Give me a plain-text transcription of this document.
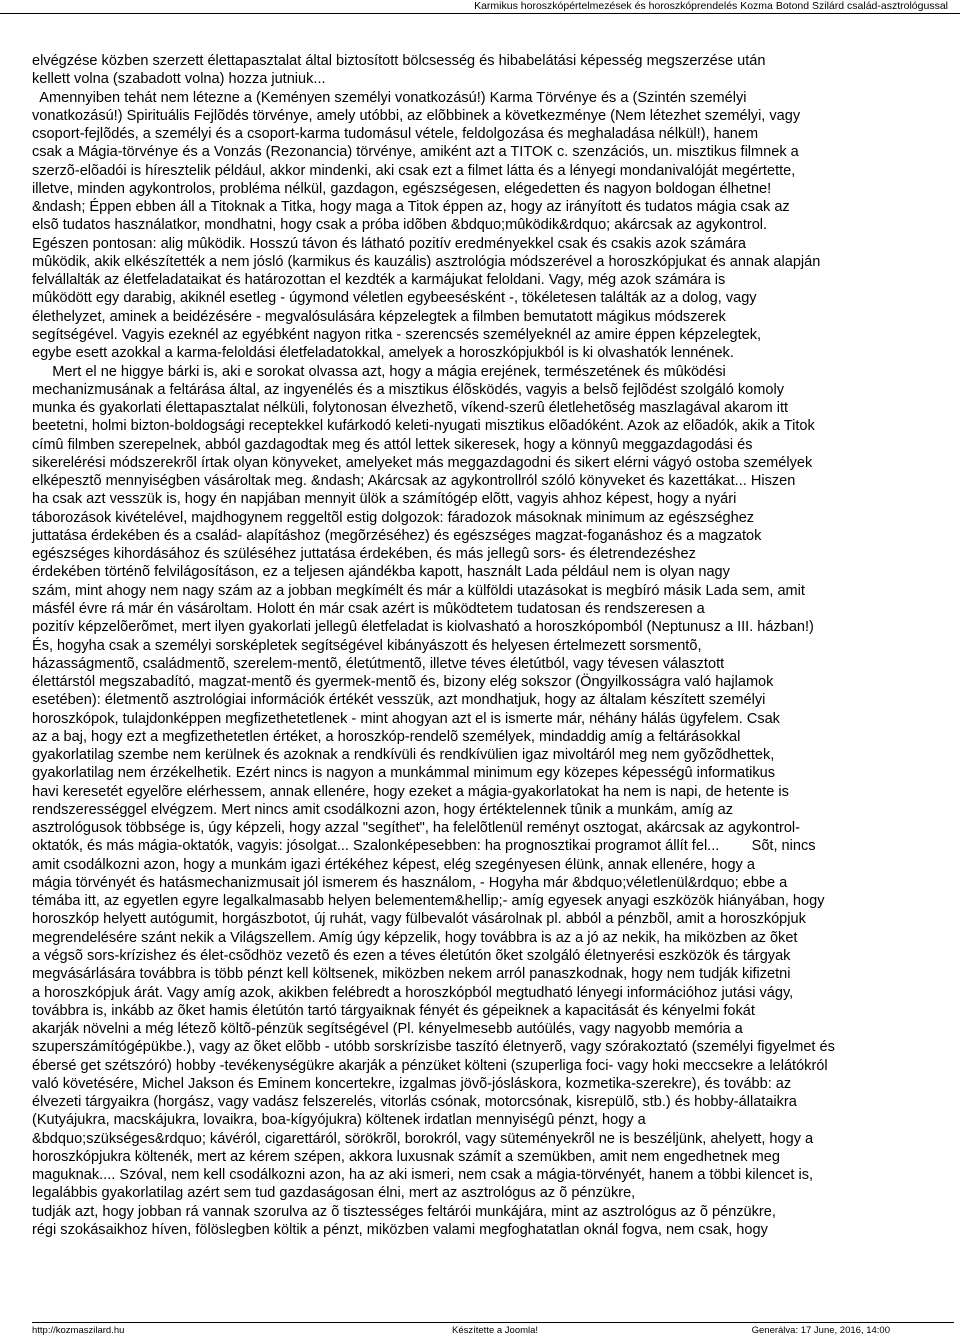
Karmikus horoszkópértelmezések és horoszkóprendelés Kozma Botond Szilárd család-asztrológussal
elvégzése közben szerzett élettapasztalat által biztosított bölcsesség és hibabelátási képesség megszerzése után
kellett volna (szabadott volna) hozza jutniuk...
Amennyiben tehát nem létezne a (Keményen személyi vonatkozású!) Karma Törvénye és a (Szintén személyi
vonatkozású!) Spirituális Fejlõdés törvénye, amely utóbbi, az elõbbinek a következménye (Nem létezhet személyi, vagy
csoport-fejlõdés, a személyi és a csoport-karma tudomásul vétele, feldolgozása és meghaladása nélkül!), hanem
csak a Mágia-törvénye és a Vonzás (Rezonancia) törvénye, amiként azt a TITOK c. szenzációs, un. misztikus filmnek a
szerzõ-elõadói is híresztelik például, akkor mindenki, aki csak ezt a filmet látta és a lényegi mondanivalóját megértette,
illetve, minden agykontrolos, probléma nélkül, gazdagon, egészségesen, elégedetten és nagyon boldogan élhetne!
&ndash; Éppen ebben áll a Titoknak a Titka, hogy maga a Titok éppen az, hogy az irányított és tudatos mágia csak az
elsõ tudatos használatkor, mondhatni, hogy csak a próba idõben &bdquo;mûködik&rdquo; akárcsak az agykontrol.
Egészen pontosan: alig mûködik. Hosszú távon és látható pozitív eredményekkel csak és csakis azok számára
mûködik, akik elkészítették a nem jósló (karmikus és kauzális) asztrológia módszerével a horoszkópjukat és annak alapján
felvállalták az életfeladataikat és határozottan el kezdték a karmájukat feloldani. Vagy, még azok számára is
mûködött egy darabig, akiknél esetleg - úgymond véletlen egybeesésként -, tökéletesen találták az a dolog, vagy
élethelyzet, aminek a beidézésére - megvalósulására képzelegtek a filmben bemutatott mágikus módszerek
segítségével. Vagyis ezeknél az egyébként nagyon ritka - szerencsés személyeknél az amire éppen képzelegtek,
egybe esett azokkal a karma-feloldási életfeladatokkal, amelyek a horoszkópjukból is ki olvashatók lennének.
Mert el ne higgye bárki is, aki e sorokat olvassa azt, hogy a mágia erejének, természetének és mûködési
mechanizmusának a feltárása által, az ingyenélés és a misztikus élõsködés, vagyis a belsõ fejlõdést szolgáló komoly
munka és gyakorlati élettapasztalat nélküli, folytonosan élvezhetõ, víkend-szerû életlehetõség maszlagával akarom itt
beetetni, holmi bizton-boldogsági receptekkel kufárkodó keleti-nyugati misztikus elõadóként. Azok az elõadók, akik a Titok
címû filmben szerepelnek, abból gazdagodtak meg és attól lettek sikeresek, hogy a könnyû meggazdagodási és
sikerelérési módszerekrõl írtak olyan könyveket, amelyeket más meggazdagodni és sikert elérni vágyó ostoba személyek
elképesztõ mennyiségben vásároltak meg. &ndash; Akárcsak az agykontrollról szóló könyveket és kazettákat... Hiszen
ha csak azt vesszük is, hogy én napjában mennyit ülök a számítógép elõtt, vagyis ahhoz képest, hogy a nyári
táborozások kivételével, majdhogynem reggeltõl estig dolgozok: fáradozok másoknak minimum az egészséghez
juttatása érdekében és a család- alapításhoz (megõrzéséhez) és egészséges magzat-foganáshoz és a magzatok
egészséges kihordásához és szüléséhez juttatása érdekében, és más jellegû sors- és életrendezéshez
érdekében történõ felvilágosításon, ez a teljesen ajándékba kapott, használt Lada például nem is olyan nagy
szám, mint ahogy nem nagy szám az a jobban megkímélt és már a külföldi utazásokat is megbíró másik Lada sem, amit
másfél évre rá már én vásároltam. Holott én már csak azért is mûködtetem tudatosan és rendszeresen a
pozitív képzelõerõmet, mert ilyen gyakorlati jellegû életfeladat is kiolvasható a horoszkópomból (Neptunusz a III. házban!)
És, hogyha csak a személyi sorsképletek segítségével kibányászott és helyesen értelmezett sorsmentõ,
házasságmentõ, családmentõ, szerelem-mentõ, életútmentõ, illetve téves életútból, vagy tévesen választott
élettárstól megszabadító, magzat-mentõ és gyermek-mentõ és, bizony elég sokszor (Öngyilkosságra való hajlamok
esetében): életmentõ asztrológiai információk értékét vesszük, azt mondhatjuk, hogy az általam készített személyi
horoszkópok, tulajdonképpen megfizethetetlenek - mint ahogyan azt el is ismerte már, néhány hálás ügyfelem. Csak
az a baj, hogy ezt a megfizethetetlen értéket, a horoszkóp-rendelõ személyek, mindaddig amíg a feltárásokkal
gyakorlatilag szembe nem kerülnek és azoknak a rendkívüli és rendkívülien igaz mivoltáról meg nem gyõzõdhettek,
gyakorlatilag nem érzékelhetik. Ezért nincs is nagyon a munkámmal minimum egy közepes képességû informatikus
havi keresetét egyelõre elérhessem, annak ellenére, hogy ezeket a mágia-gyakorlatokat ha nem is napi, de hetente is
rendszerességgel elvégzem. Mert nincs amit csodálkozni azon, hogy értéktelennek tûnik a munkám, amíg az
asztrológusok többsége is, úgy képzeli, hogy azzal "segíthet", ha felelõtlenül reményt osztogat, akárcsak az agykontrol-
oktatók, és más mágia-oktatók, vagyis: jósolgat... Szalonképesebben: ha prognosztikai programot állít fel...        Sõt, nincs
amit csodálkozni azon, hogy a munkám igazi értékéhez képest, elég szegényesen élünk, annak ellenére, hogy a
mágia törvényét és hatásmechanizmusait jól ismerem és használom, - Hogyha már &bdquo;véletlenül&rdquo; ebbe a
témába itt, az egyetlen egyre legalkalmasabb helyen belementem&hellip;- amíg egyesek anyagi eszközök hiányában, hogy
horoszkóp helyett autógumit, horgászbotot, új ruhát, vagy fülbevalót vásárolnak pl. abból a pénzbõl, amit a horoszkópjuk
megrendelésére szánt nekik a Világszellem. Amíg úgy képzelik, hogy továbbra is az a jó az nekik, ha miközben az õket
a végsõ sors-krízishez és élet-csõdhöz vezetõ és ezen a téves életútón õket szolgáló életnyerési eszközök és tárgyak
megvásárlására továbbra is több pénzt kell költsenek, miközben nekem arról panaszkodnak, hogy nem tudják kifizetni
a horoszkópjuk árát. Vagy amíg azok, akikben felébredt a horoszkópból megtudható lényegi információhoz jutási vágy,
továbbra is, inkább az õket hamis életútón tartó tárgyaiknak fényét és gépeiknek a kapacitását és kényelmi fokát
akarják növelni a még létezõ költõ-pénzük segítségével (Pl. kényelmesebb autóülés, vagy nagyobb memória a
szuperszámítógépükbe.), vagy az õket elõbb - utóbb sorskrízisbe taszító életnyerõ, vagy szórakoztató (személyi figyelmet és
ébersé get szétszóró) hobby -tevékenységükre akarják a pénzüket költeni (szuperliga foci- vagy hoki meccsekre a lelátókról
való követésére, Michel Jakson és Eminem koncertekre, izgalmas jövõ-jósláskora, kozmetika-szerekre), és tovább: az
élvezeti tárgyaikra (horgász, vagy vadász felszerelés, vitorlás csónak, motorcsónak, kisrepülõ, stb.) és hobby-állataikra
(Kutyájukra, macskájukra, lovaikra, boa-kígyójukra) költenek irdatlan mennyiségû pénzt, hogy a
&bdquo;szükséges&rdquo; kávéról, cigarettáról, sörökrõl, borokról, vagy süteményekrõl ne is beszéljünk, ahelyett, hogy a
horoszkópjukra költenék, mert az kérem szépen, akkora luxusnak számít a szemükben, amit nem engedhetnek meg
maguknak.... Szóval, nem kell csodálkozni azon, ha az aki ismeri, nem csak a mágia-törvényét, hanem a többi kilencet is,
legalábbis gyakorlatilag azért sem tud gazdaságosan élni, mert az asztrológus az õ pénzükre,
tudják azt, hogy jobban rá vannak szorulva az õ tisztességes feltárói munkájára, mint az asztrológus az õ pénzükre,
régi szokásaikhoz híven, fölöslegben költik a pénzt, miközben valami megfoghatatlan oknál fogva, nem csak, hogy
http://kozmaszilard.hu	Készítette a Joomla!	Generálva: 17 June, 2016, 14:00
